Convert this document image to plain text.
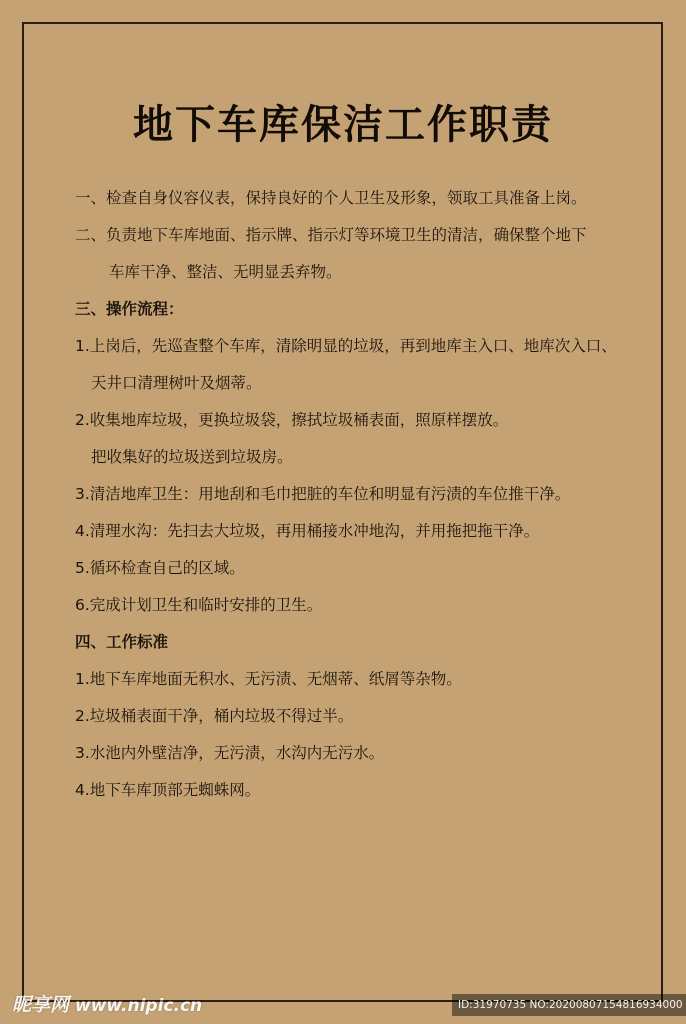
地下车库保洁工作职责
一、检查自身仪容仪表，保持良好的个人卫生及形象，领取工具准备上岗。
二、负责地下车库地面、指示牌、指示灯等环境卫生的清洁，确保整个地下
车库干净、整洁、无明显丢弃物。
三、操作流程：
1.上岗后，先巡查整个车库，清除明显的垃圾，再到地库主入口、地库次入口、
天井口清理树叶及烟蒂。
2.收集地库垃圾，更换垃圾袋，擦拭垃圾桶表面，照原样摆放。
把收集好的垃圾送到垃圾房。
3.清洁地库卫生：用地刮和毛巾把脏的车位和明显有污渍的车位推干净。
4.清理水沟：先扫去大垃圾，再用桶接水冲地沟，并用拖把拖干净。
5.循环检查自己的区域。
6.完成计划卫生和临时安排的卫生。
四、工作标准
1.地下车库地面无积水、无污渍、无烟蒂、纸屑等杂物。
2.垃圾桶表面干净，桶内垃圾不得过半。
3.水池内外壁洁净，无污渍，水沟内无污水。
4.地下车库顶部无蜘蛛网。
昵享网 www.nipic.cn	ID:31970735 NO:20200807154816934000
